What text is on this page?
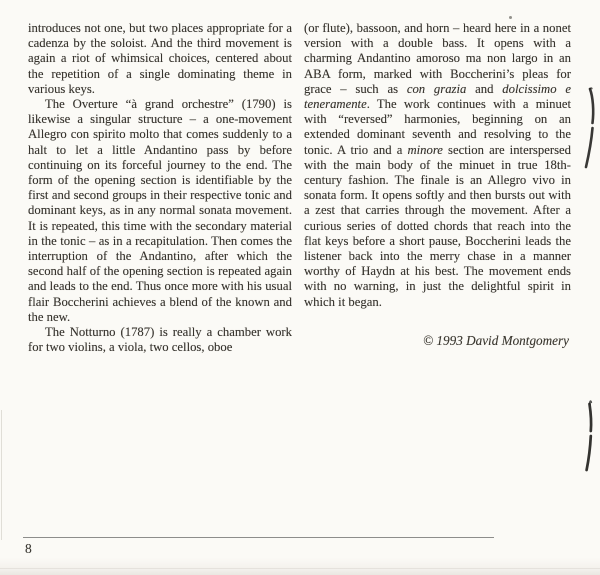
introduces not one, but two places appropriate for a cadenza by the soloist. And the third movement is again a riot of whimsical choices, centered about the repetition of a single dominating theme in various keys.

The Overture “à grand orchestre” (1790) is likewise a singular structure – a one-movement Allegro con spirito molto that comes suddenly to a halt to let a little Andantino pass by before continuing on its forceful journey to the end. The form of the opening section is identifiable by the first and second groups in their respective tonic and dominant keys, as in any normal sonata movement. It is repeated, this time with the secondary material in the tonic – as in a recapitulation. Then comes the interruption of the Andantino, after which the second half of the opening section is repeated again and leads to the end. Thus once more with his usual flair Boccherini achieves a blend of the known and the new.

The Notturno (1787) is really a chamber work for two violins, a viola, two cellos, oboe

(or flute), bassoon, and horn – heard here in a nonet version with a double bass. It opens with a charming Andantino amoroso ma non largo in an ABA form, marked with Boccherini’s pleas for grace – such as con grazia and dolcissimo e teneramente. The work continues with a minuet with “reversed” harmonies, beginning on an extended dominant seventh and resolving to the tonic. A trio and a minore section are interspersed with the main body of the minuet in true 18th-century fashion. The finale is an Allegro vivo in sonata form. It opens softly and then bursts out with a zest that carries through the movement. After a curious series of dotted chords that reach into the flat keys before a short pause, Boccherini leads the listener back into the merry chase in a manner worthy of Haydn at his best. The movement ends with no warning, in just the delightful spirit in which it began.

© 1993 David Montgomery
8
